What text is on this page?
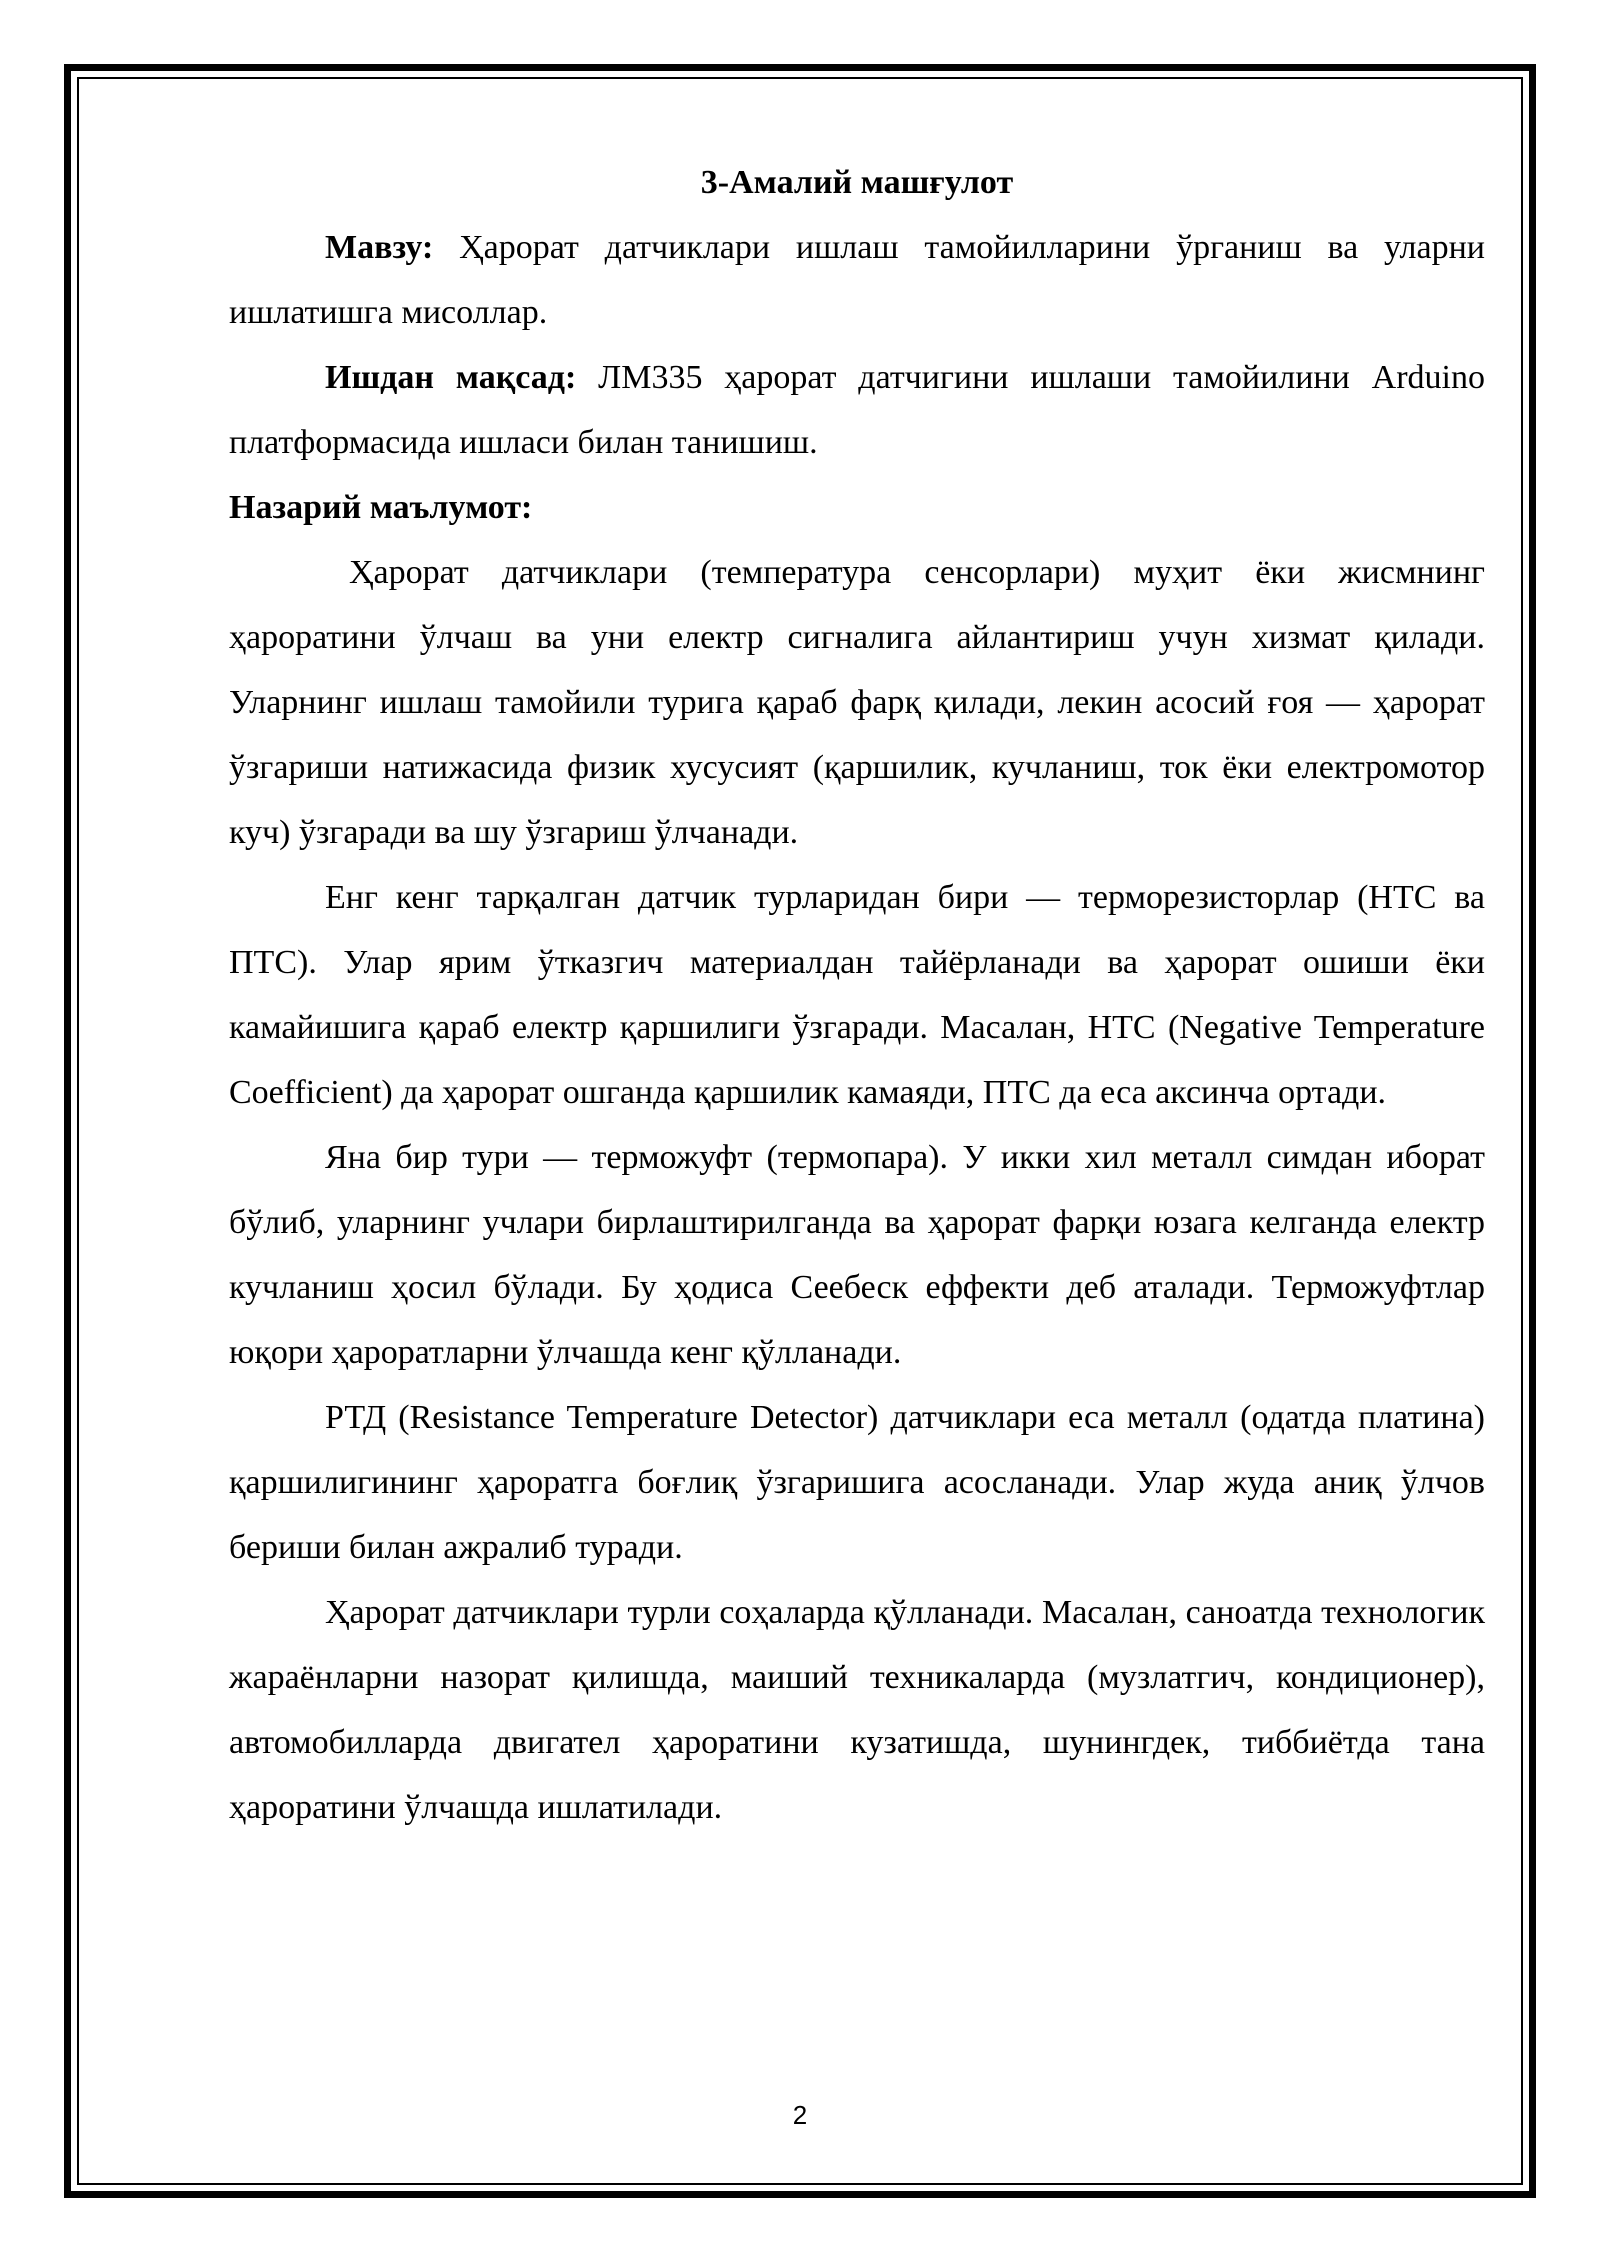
3-Амалий машғулот

Мавзу: Ҳарорат датчиклари ишлаш тамойилларини ўрганиш ва уларни ишлатишга мисоллар.

Ишдан мақсад: ЛМ335 ҳарорат датчигини ишлаши тамойилини Arduino платформасида ишласи билан танишиш.

Назарий маълумот:

Ҳарорат датчиклари (температура сенсорлари) муҳит ёки жисмнинг ҳароратини ўлчаш ва уни електр сигналига айлантириш учун хизмат қилади. Уларнинг ишлаш тамойили турига қараб фарқ қилади, лекин асосий ғоя — ҳарорат ўзгариши натижасида физик хусусият (қаршилик, кучланиш, ток ёки електромотор куч) ўзгаради ва шу ўзгариш ўлчанади.

Енг кенг тарқалган датчик турларидан бири — терморезисторлар (НТС ва ПТС). Улар ярим ўтказгич материалдан тайёрланади ва ҳарорат ошиши ёки камайишига қараб електр қаршилиги ўзгаради. Масалан, НТС (Negative Temperature Coefficient) да ҳарорат ошганда қаршилик камаяди, ПТС да еса аксинча ортади.

Яна бир тури — терможуфт (термопара). У икки хил металл симдан иборат бўлиб, уларнинг учлари бирлаштирилганда ва ҳарорат фарқи юзага келганда електр кучланиш ҳосил бўлади. Бу ҳодиса Сеебеск еффекти деб аталади. Терможуфтлар юқори ҳароратларни ўлчашда кенг қўлланади.

РТД (Resistance Temperature Detector) датчиклари еса металл (одатда платина) қаршилигининг ҳароратга боғлиқ ўзгаришига асосланади. Улар жуда аниқ ўлчов бериши билан ажралиб туради.

Ҳарорат датчиклари турли соҳаларда қўлланади. Масалан, саноатда технологик жараёнларни назорат қилишда, маиший техникаларда (музлатгич, кондиционер), автомобилларда двигател ҳароратини кузатишда, шунингдек, тиббиётда тана ҳароратини ўлчашда ишлатилади.

2
